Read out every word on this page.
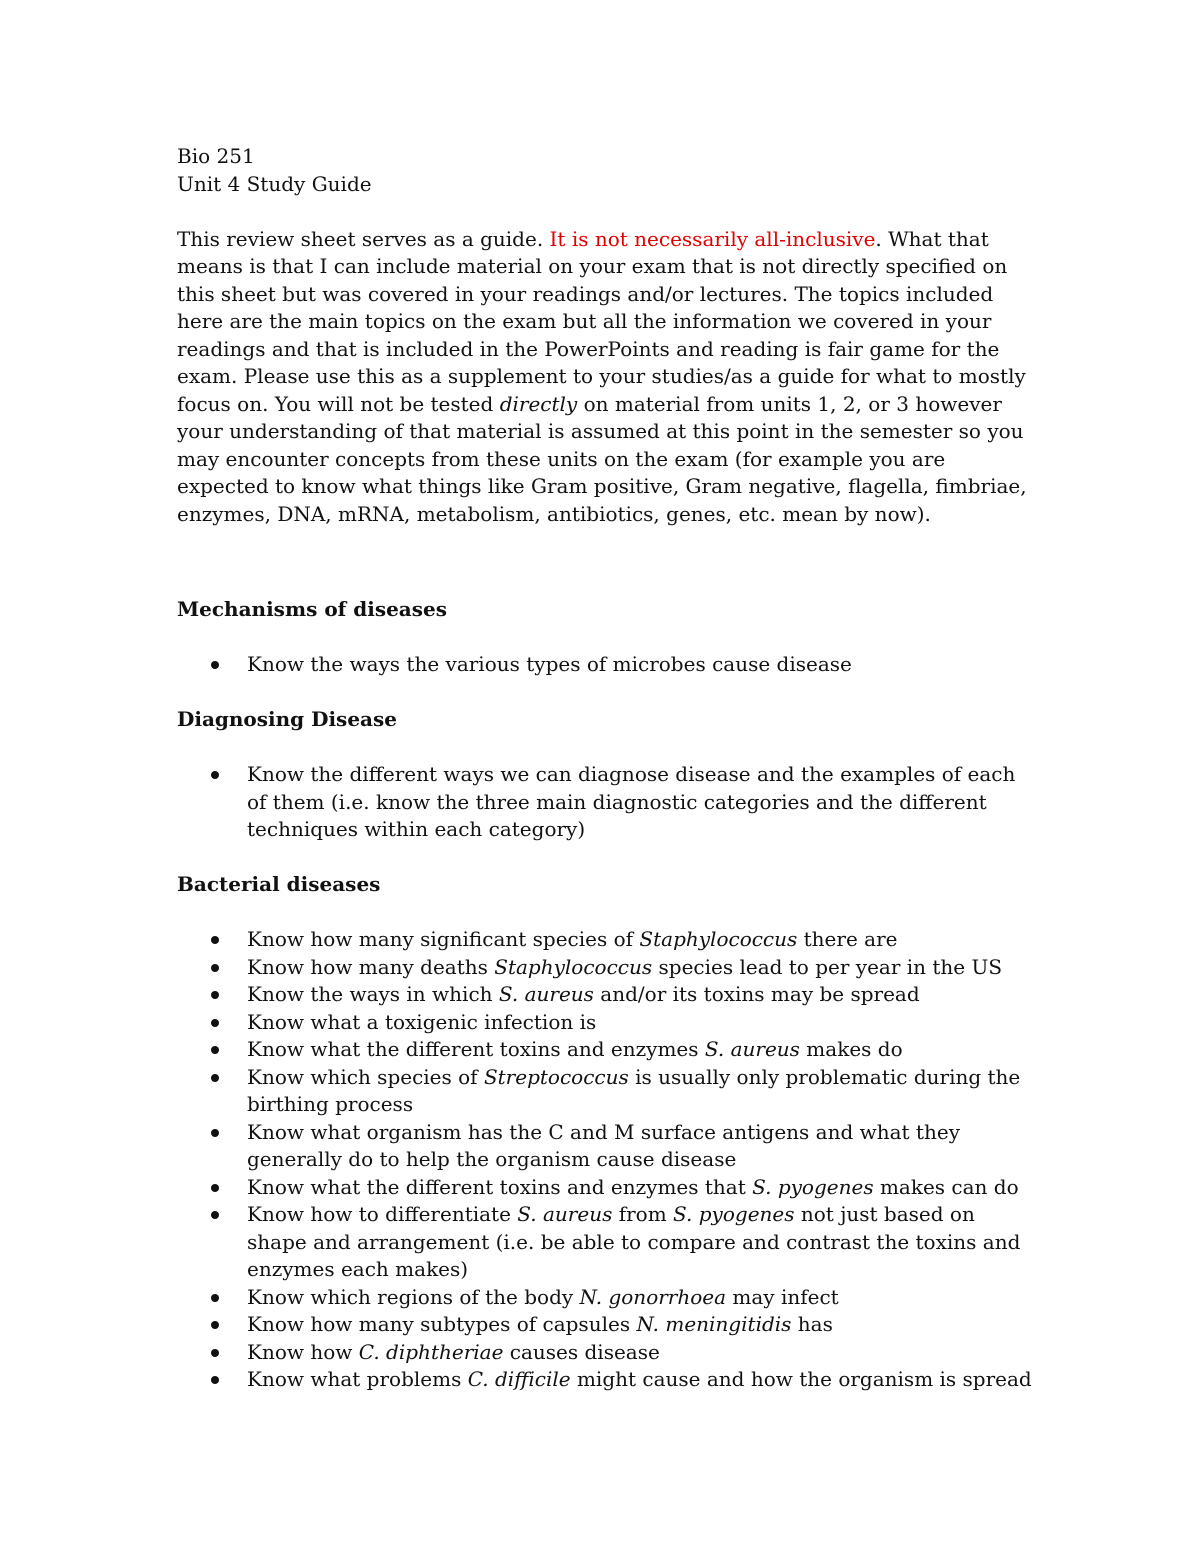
Bio 251
Unit 4 Study Guide

This review sheet serves as a guide. It is not necessarily all-inclusive. What that means is that I can include material on your exam that is not directly specified on this sheet but was covered in your readings and/or lectures. The topics included here are the main topics on the exam but all the information we covered in your readings and that is included in the PowerPoints and reading is fair game for the exam. Please use this as a supplement to your studies/as a guide for what to mostly focus on. You will not be tested directly on material from units 1, 2, or 3 however your understanding of that material is assumed at this point in the semester so you may encounter concepts from these units on the exam (for example you are expected to know what things like Gram positive, Gram negative, flagella, fimbriae, enzymes, DNA, mRNA, metabolism, antibiotics, genes, etc. mean by now).

Mechanisms of diseases
Know the ways the various types of microbes cause disease
Diagnosing Disease
Know the different ways we can diagnose disease and the examples of each of them (i.e. know the three main diagnostic categories and the different techniques within each category)
Bacterial diseases
Know how many significant species of Staphylococcus there are
Know how many deaths Staphylococcus species lead to per year in the US
Know the ways in which S. aureus and/or its toxins may be spread
Know what a toxigenic infection is
Know what the different toxins and enzymes S. aureus makes do
Know which species of Streptococcus is usually only problematic during the birthing process
Know what organism has the C and M surface antigens and what they generally do to help the organism cause disease
Know what the different toxins and enzymes that S. pyogenes makes can do
Know how to differentiate S. aureus from S. pyogenes not just based on shape and arrangement (i.e. be able to compare and contrast the toxins and enzymes each makes)
Know which regions of the body N. gonorrhoea may infect
Know how many subtypes of capsules N. meningitidis has
Know how C. diphtheriae causes disease
Know what problems C. difficile might cause and how the organism is spread
